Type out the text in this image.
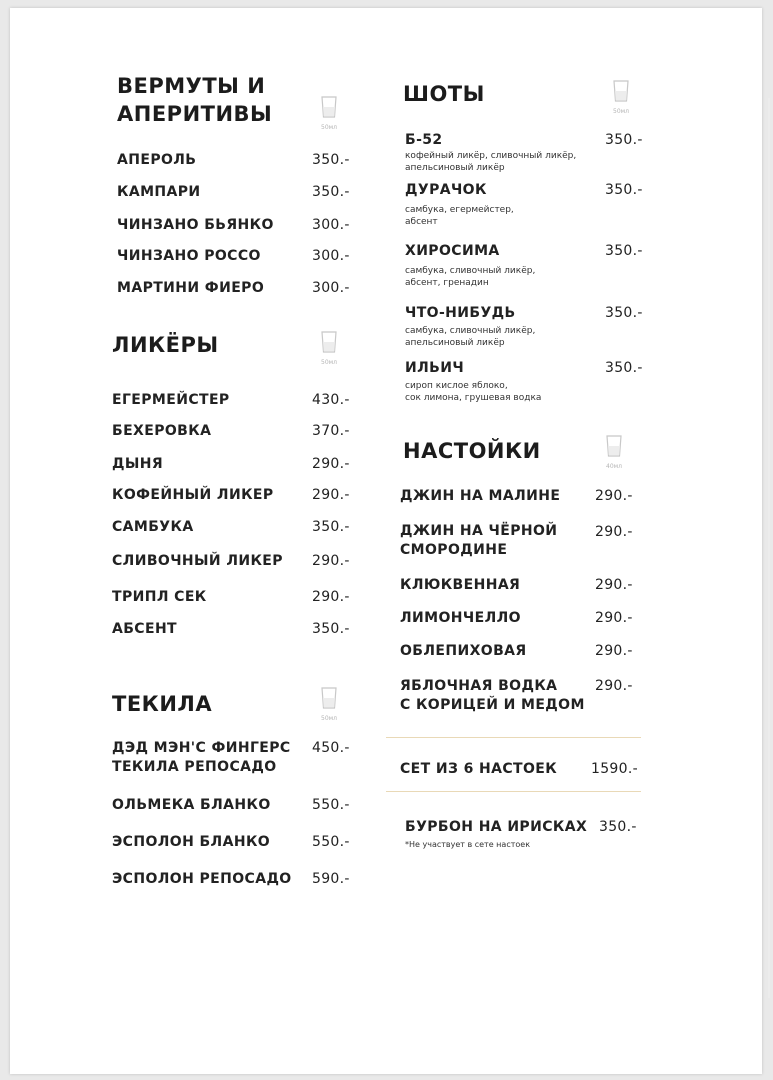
ВЕРМУТЫ И
АПЕРИТИВЫ
50мл
АПЕРОЛЬ	350.-
КАМПАРИ	350.-
ЧИНЗАНО БЬЯНКО	300.-
ЧИНЗАНО РОССО	300.-
МАРТИНИ ФИЕРО	300.-
ЛИКЁРЫ
50мл
ЕГЕРМЕЙСТЕР	430.-
БЕХЕРОВКА	370.-
ДЫНЯ	290.-
КОФЕЙНЫЙ ЛИКЕР	290.-
САМБУКА	350.-
СЛИВОЧНЫЙ ЛИКЕР 290.-
ТРИПЛ СЕК	290.-
АБСЕНТ	350.-
ТЕКИЛА
50мл
ДЭД МЭН'С ФИНГЕРС
ТЕКИЛА РЕПОСАДО
450.-
ОЛЬМЕКА БЛАНКО	550.-
ЭСПОЛОН БЛАНКО	550.-
ЭСПОЛОН РЕПОСАДО 590.-
ШОТЫ
50мл
Б-52	350.-
кофейный ликёр, сливочный ликёр,
апельсиновый ликёр
ДУРАЧОК	350.-
самбука, егермейстер,
абсент
ХИРОСИМА	350.-
самбука, сливочный ликёр,
абсент, гренадин
ЧТО-НИБУДЬ	350.-
самбука, сливочный ликёр,
апельсиновый ликёр
ИЛЬИЧ	350.-
сироп кислое яблоко,
сок лимона, грушевая водка
НАСТОЙКИ
40мл
ДЖИН НА МАЛИНЕ 290.-
ДЖИН НА ЧЁРНОЙ
СМОРОДИНЕ
290.-
КЛЮКВЕННАЯ	290.-
ЛИМОНЧЕЛЛО	290.-
ОБЛЕПИХОВАЯ	290.-
ЯБЛОЧНАЯ ВОДКА
С КОРИЦЕЙ И МЕДОМ
290.-
СЕТ ИЗ 6 НАСТОЕК 1590.-
БУРБОН НА ИРИСКАХ 350.-
*Не участвует в сете настоек
